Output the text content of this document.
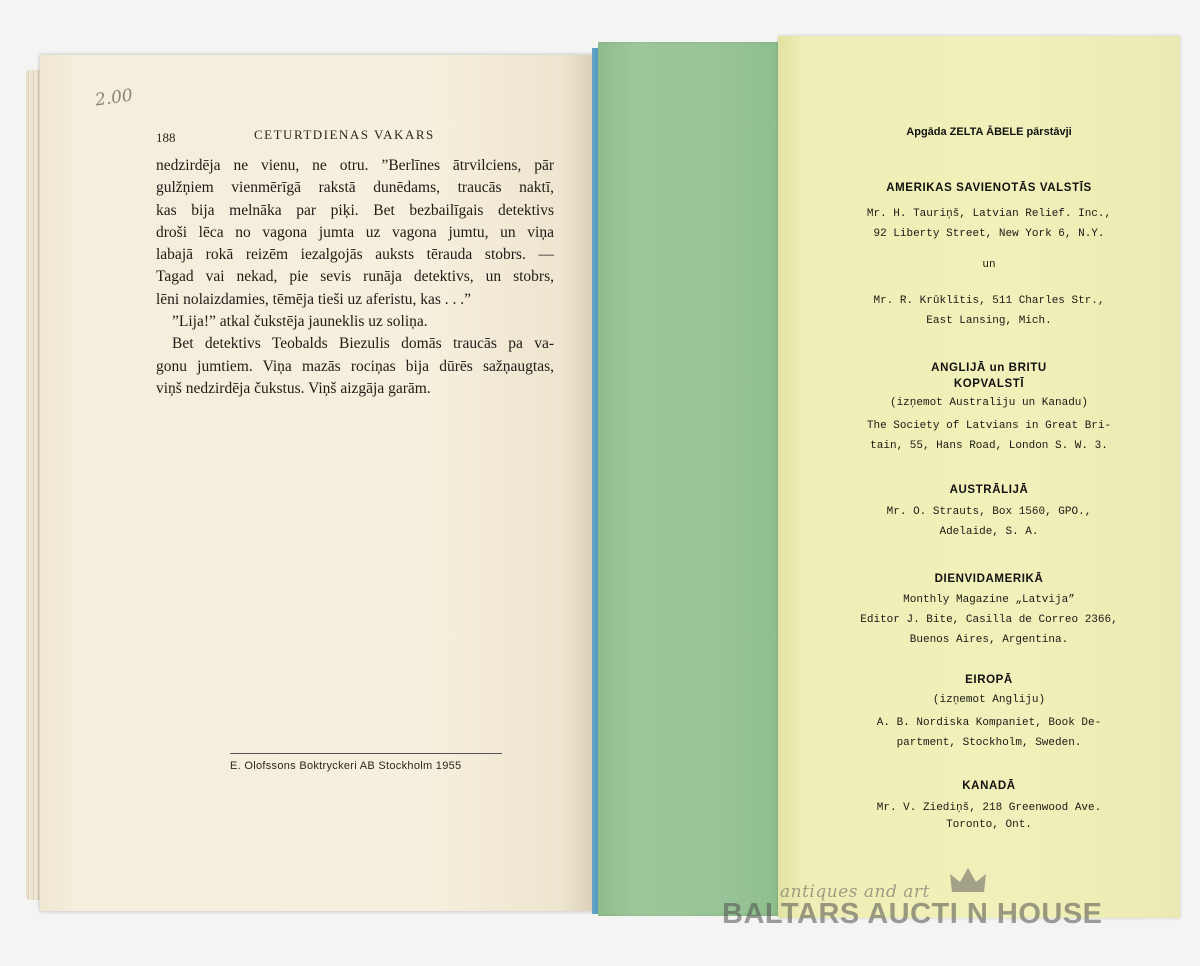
2.00
188	CETURTDIENAS VAKARS
nedzirdēja ne vienu, ne otru. ”Berlīnes ātrvilciens, pār
gulžņiem vienmērīgā rakstā dunēdams, traucās naktī,
kas bija melnāka par piķi. Bet bezbailīgais detektivs
droši lēca no vagona jumta uz vagona jumtu, un viņa
labajā rokā reizēm iezalgojās auksts tērauda stobrs. —
Tagad vai nekad, pie sevis runāja detektivs, un stobrs,
lēni nolaizdamies, tēmēja tieši uz aferistu, kas . . .”
”Lija!” atkal čukstēja jauneklis uz soliņa.
Bet detektivs Teobalds Biezulis domās traucās pa va-
gonu jumtiem. Viņa mazās rociņas bija dūrēs sažņaugtas,
viņš nedzirdēja čukstus. Viņš aizgāja garām.
E. Olofssons Boktryckeri AB Stockholm 1955
Apgāda ZELTA ĀBELE pārstāvji
AMERIKAS SAVIENOTĀS VALSTĪS
Mr. H. Tauriņš, Latvian Relief. Inc.,
92 Liberty Street, New York 6, N.Y.
un
Mr. R. Krūklītis, 511 Charles Str.,
East Lansing, Mich.
ANGLIJĀ un BRITU
KOPVALSTĪ
(izņemot Australiju un Kanadu)
The Society of Latvians in Great Bri-
tain, 55, Hans Road, London S. W. 3.
AUSTRĀLIJĀ
Mr. O. Strauts, Box 1560, GPO.,
Adelaide, S. A.
DIENVIDAMERIKĀ
Monthly Magazine „Latvija”
Editor J. Bite, Casilla de Correo 2366,
Buenos Aires, Argentina.
EIROPĀ
(izņemot Angliju)
A. B. Nordiska Kompaniet, Book De-
partment, Stockholm, Sweden.
KANADĀ
Mr. V. Ziediņš, 218 Greenwood Ave.
Toronto, Ont.
antiques and art
BALTARS AUCTI N HOUSE
